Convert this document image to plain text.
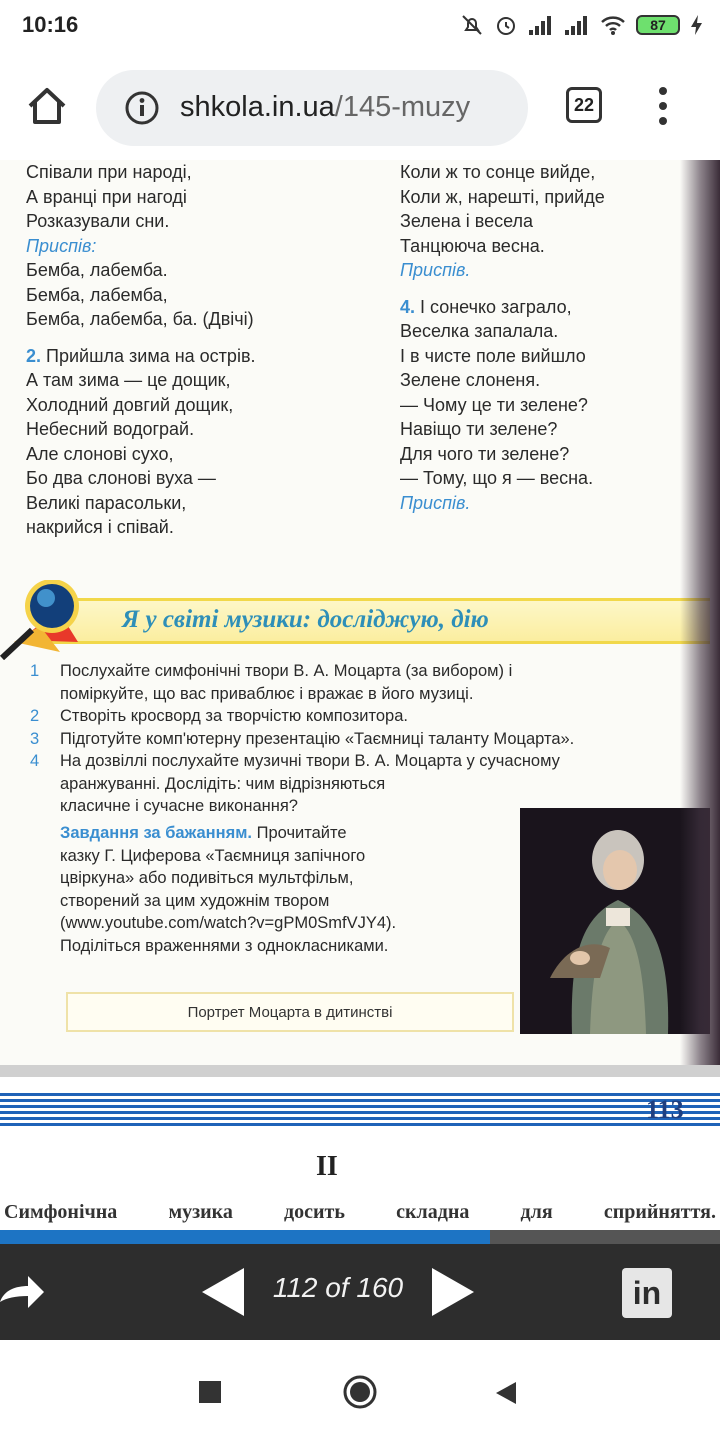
10:16	87
shkola.in.ua/145-muzy	22
Співали при народі,
А вранці при нагоді
Розказували сни.
Приспів:
Бемба, лабемба.
Бемба, лабемба,
Бемба, лабемба, ба. (Двічі)
2. Прийшла зима на острів.
А там зима — це дощик,
Холодний довгий дощик,
Небесний водограй.
Але слонові сухо,
Бо два слонові вуха —
Великі парасольки,
накрийся і співай.
Коли ж то сонце вийде,
Коли ж, нарешті, прийде
Зелена і весела
Танцююча весна.
Приспів.
4. І сонечко заграло,
Веселка запалала.
І в чисте поле вийшло
Зелене слоненя.
— Чому це ти зелене?
Навіщо ти зелене?
Для чого ти зелене?
— Тому, що я — весна.
Приспів.
Я у світі музики: досліджую, дію
1 Послухайте симфонічні твори В. А. Моцарта (за вибором) і
поміркуйте, що вас приваблює і вражає в його музиці.
2 Створіть кросворд за творчістю композитора.
3 Підготуйте комп'ютерну презентацію «Таємниці таланту Моцарта».
4 На дозвіллі послухайте музичні твори В. А. Моцарта у сучасному
аранжуванні. Дослідіть: чим відрізняються
класичне і сучасне виконання?
Завдання за бажанням. Прочитайте
казку Г. Циферова «Таємниця запічного
цвіркуна» або подивіться мультфільм,
створений за цим художнім твором
(www.youtube.com/watch?v=gPM0SmfVJY4).
Поділіться враженнями з однокласниками.
Портрет Моцарта в дитинстві
113
II
Симфонічна	музика	досить	складна	для	сприйняття.
112 of 160	in
